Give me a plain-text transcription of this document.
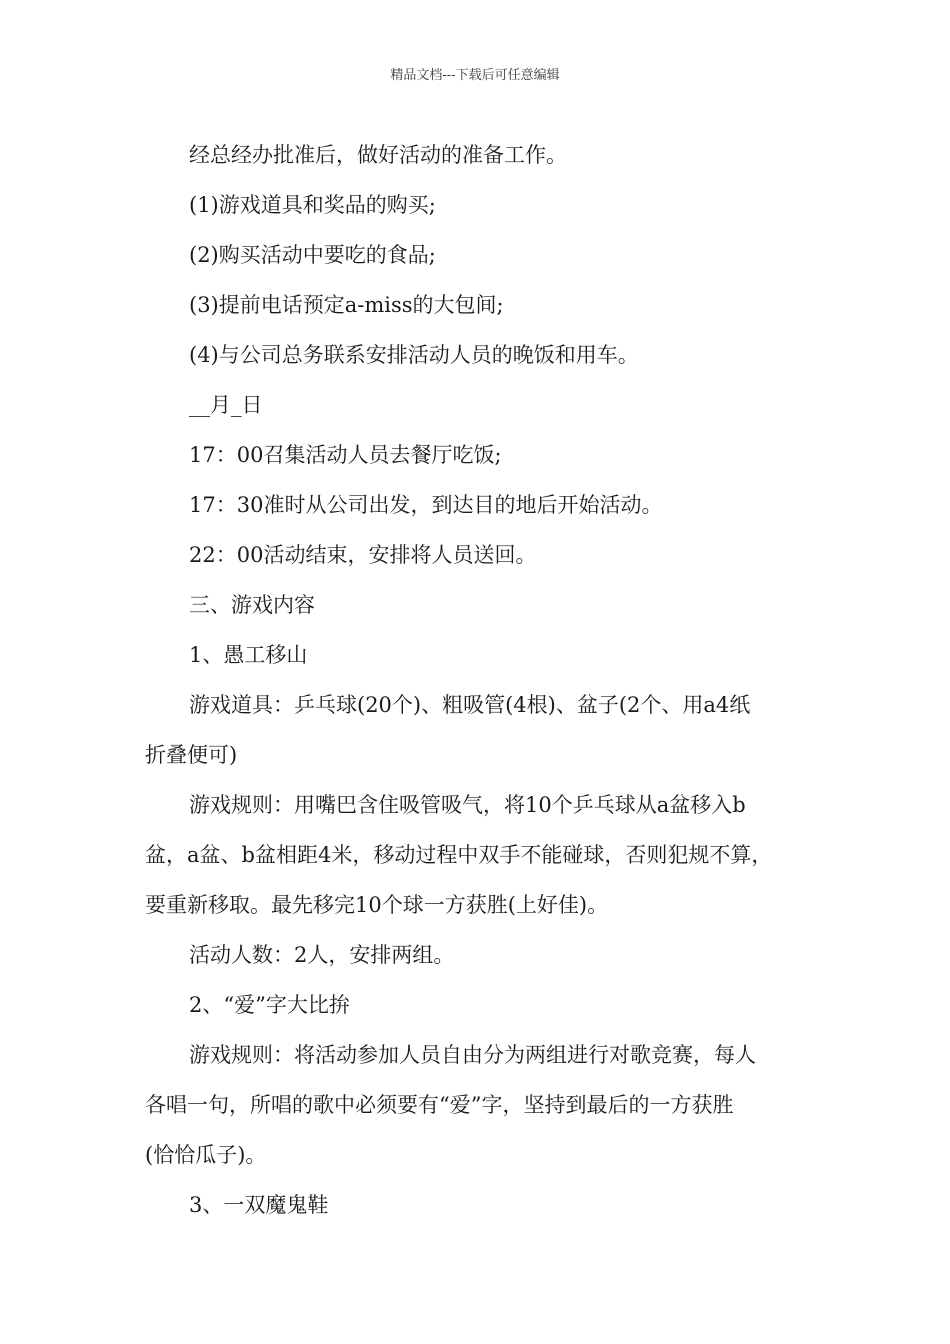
精品文档---下载后可任意编辑
经总经办批准后，做好活动的准备工作。
(1)游戏道具和奖品的购买;
(2)购买活动中要吃的食品;
(3)提前电话预定a-miss的大包间;
(4)与公司总务联系安排活动人员的晚饭和用车。
__月_日
17：00召集活动人员去餐厅吃饭;
17：30准时从公司出发，到达目的地后开始活动。
22：00活动结束，安排将人员送回。
三、游戏内容
1、愚工移山
游戏道具：乒乓球(20个)、粗吸管(4根)、盆子(2个、用a4纸
折叠便可)
游戏规则：用嘴巴含住吸管吸气，将10个乒乓球从a盆移入b
盆，a盆、b盆相距4米，移动过程中双手不能碰球，否则犯规不算，
要重新移取。最先移完10个球一方获胜(上好佳)。
活动人数：2人，安排两组。
2、“爱”字大比拚
游戏规则：将活动参加人员自由分为两组进行对歌竞赛，每人
各唱一句，所唱的歌中必须要有“爱”字，坚持到最后的一方获胜
(恰恰瓜子)。
3、一双魔鬼鞋
